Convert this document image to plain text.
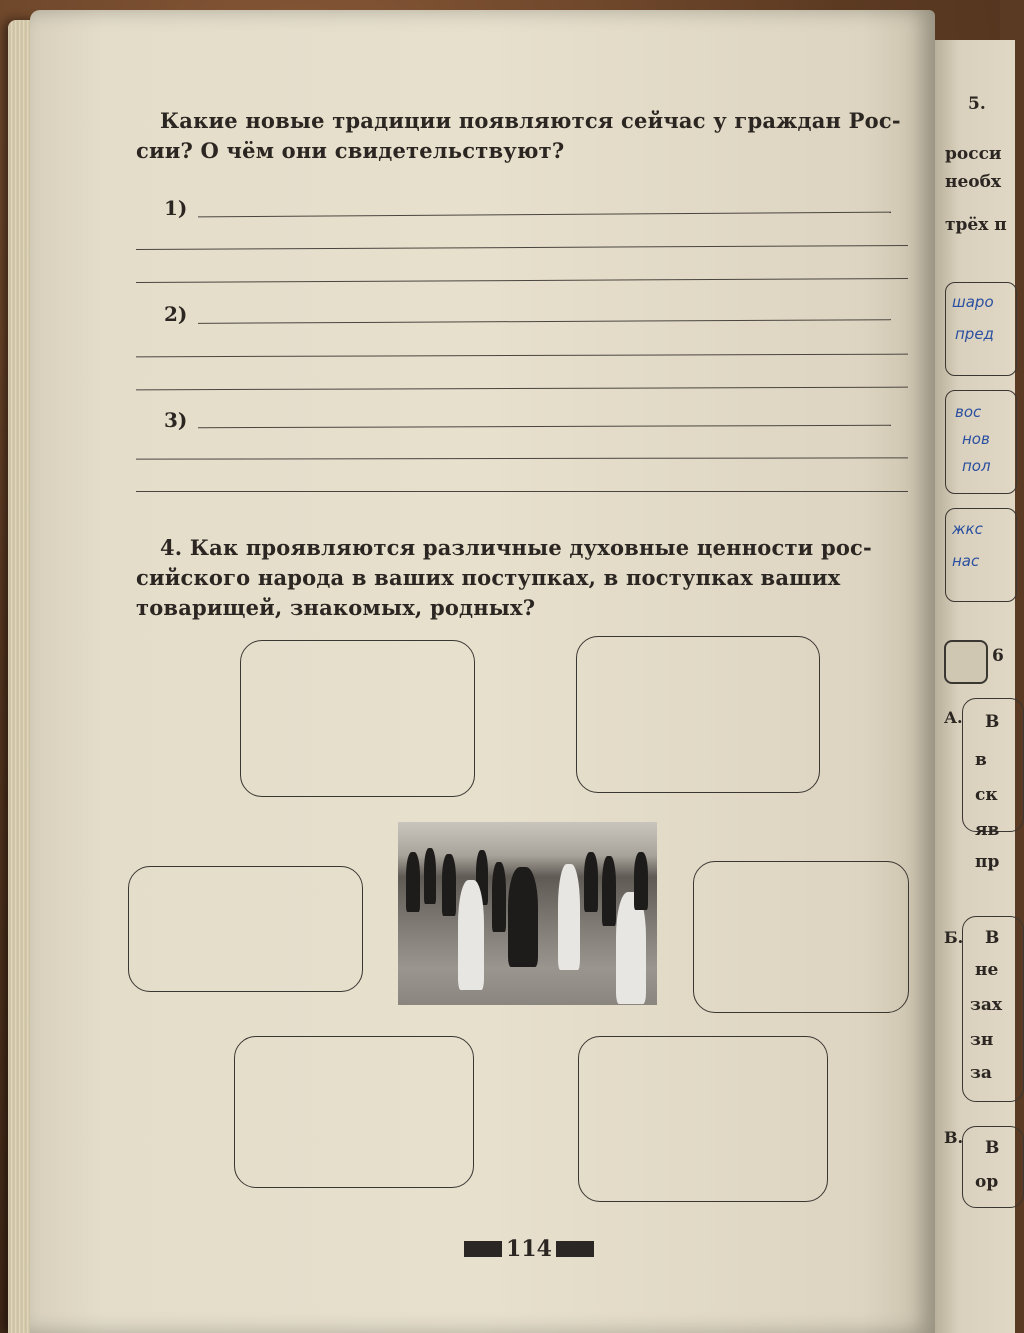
Какие новые традиции появляются сейчас у граждан Рос-
сии? О чём они свидетельствуют?
1)
2)
3)
4. Как проявляются различные духовные ценности рос-
сийского народа в ваших поступках, в поступках ваших
товарищей, знакомых, родных?
114
5.
росси
необх
трёх п
шаро
пред
вос
нов
пол
жкс
нас
6
А. В
в
ск
яв
пр
Б. В
не
зах
зн
за
В.
В
ор
